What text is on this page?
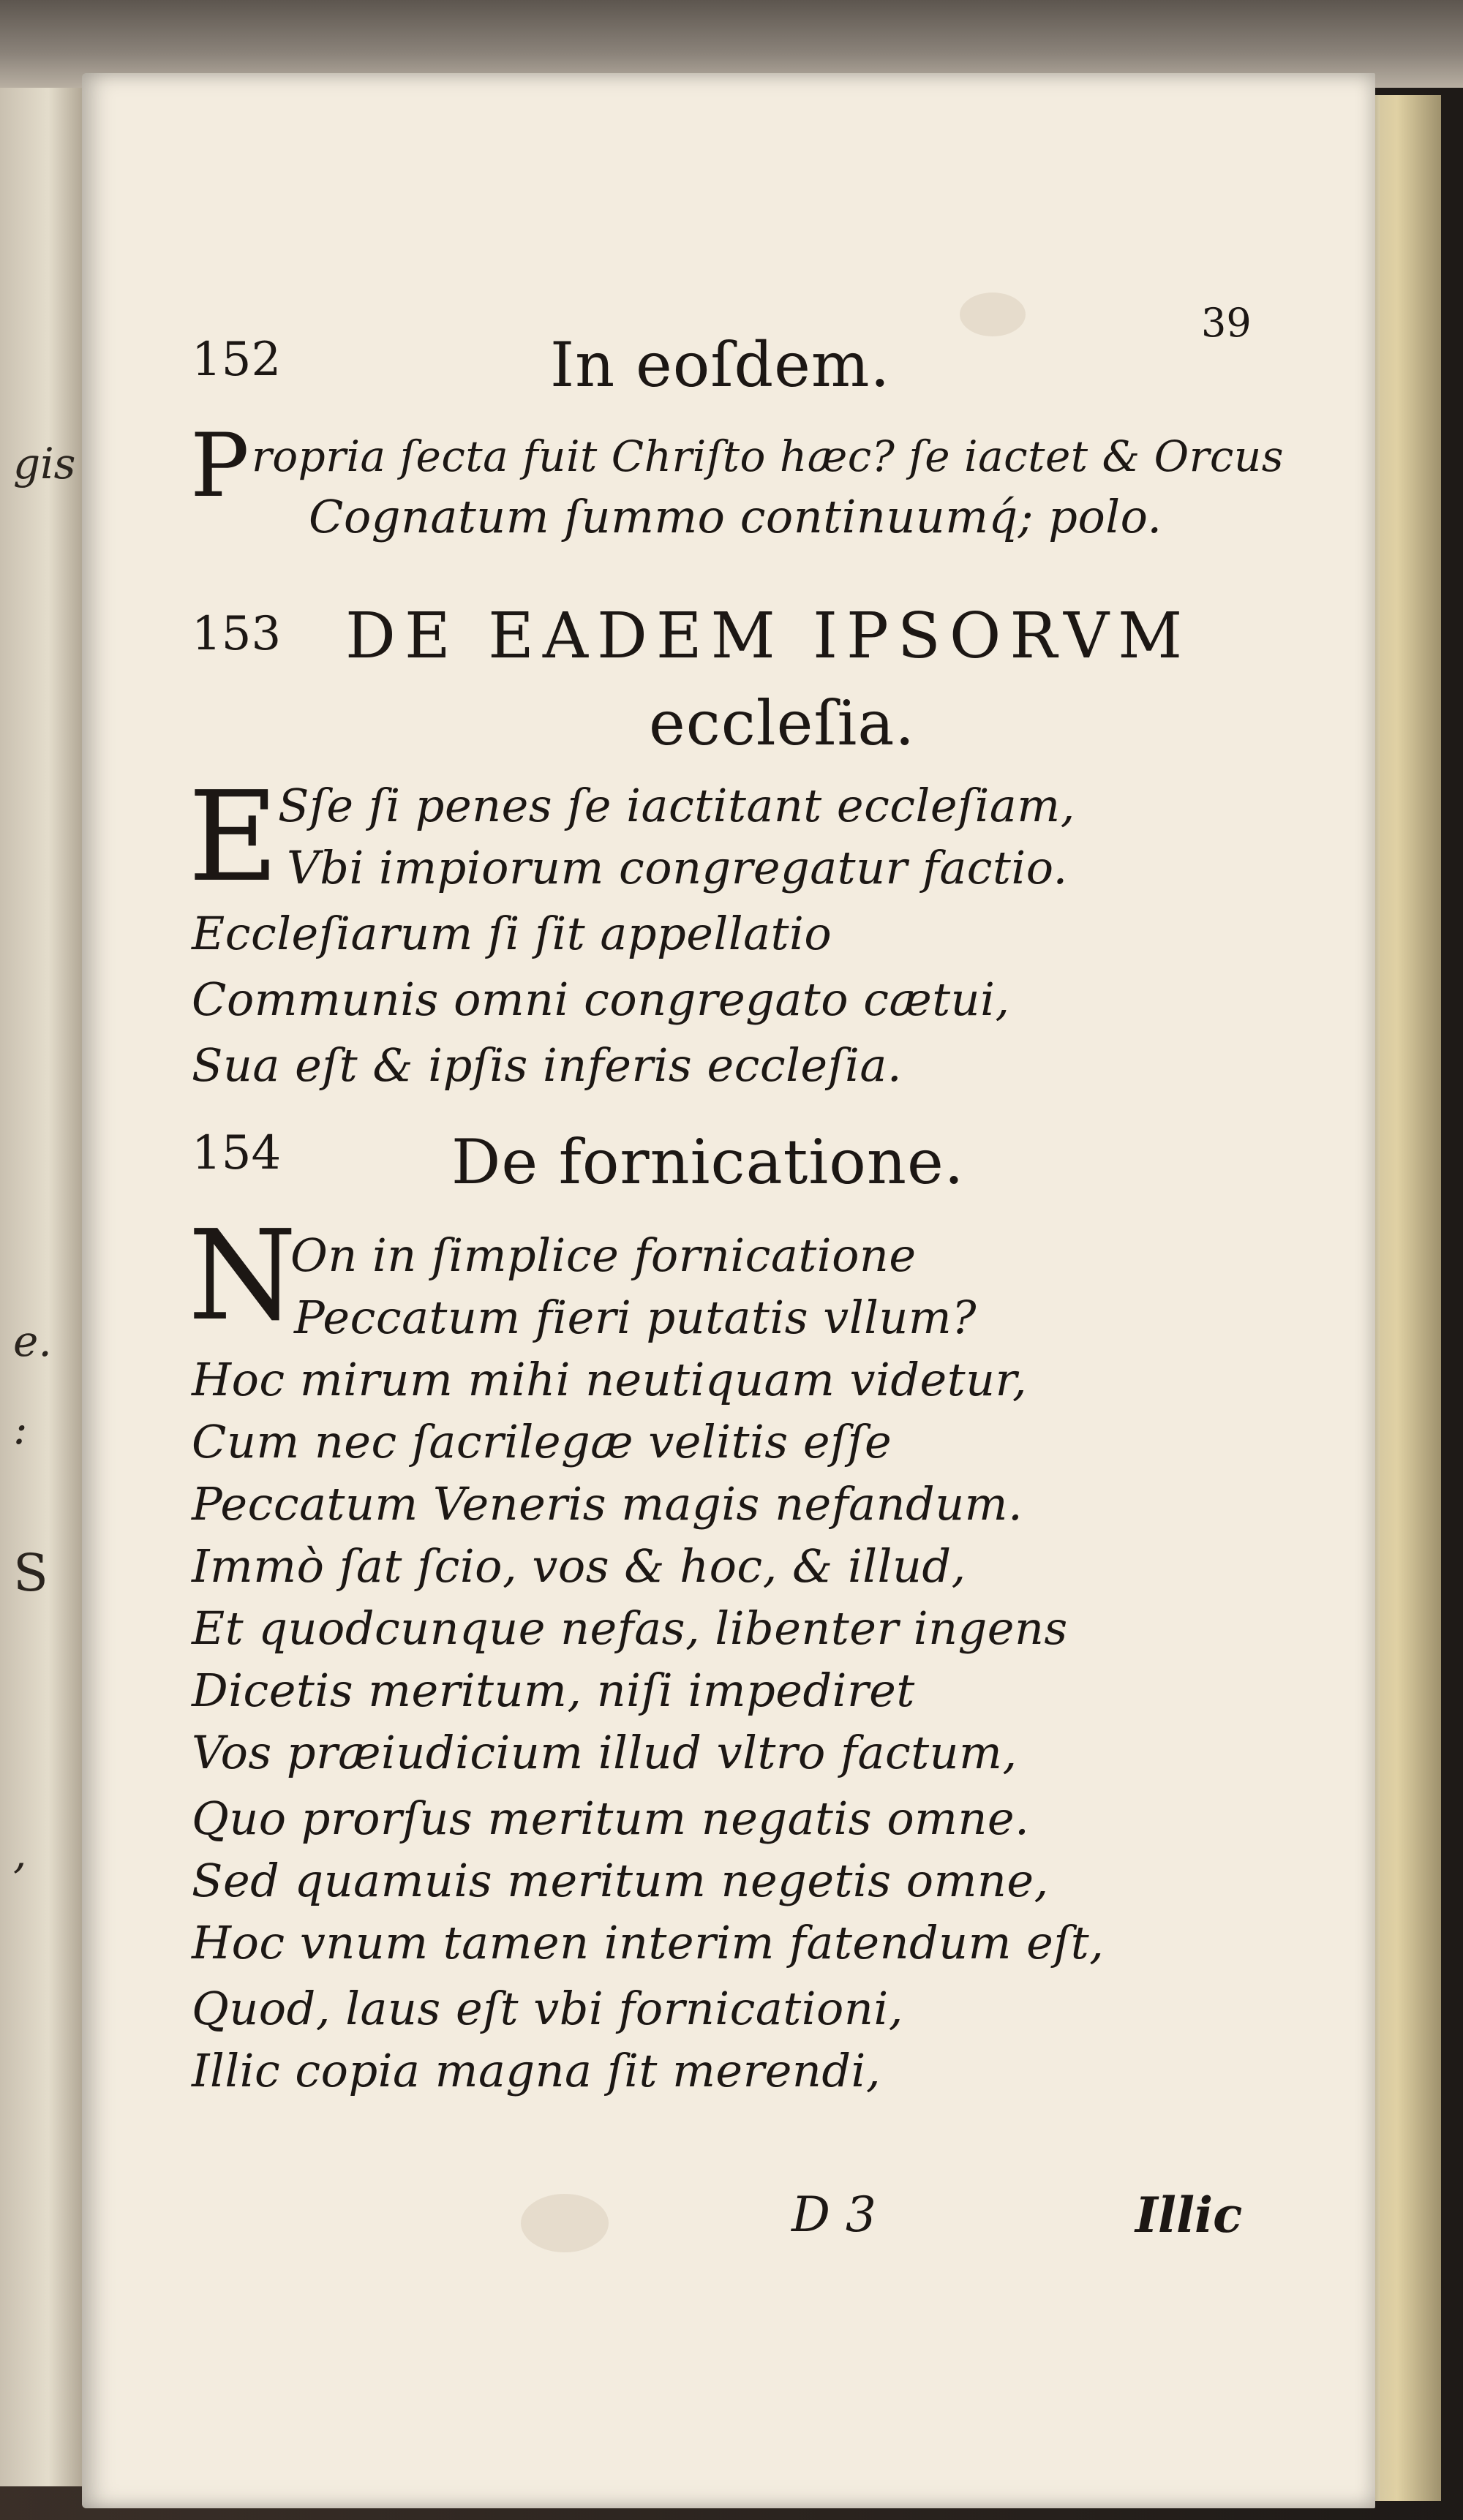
gis
e.
:
S
,
39
152	In eoſdem.
P ropria ſecta fuit Chriſto hæc? ſe iactet & Orcus
Cognatum ſummo continuumq́; polo.
153 DE EADEM IPSORVM
eccleſia.
E
Sſe ſi penes ſe iactitant eccleſiam,
Vbi impiorum congregatur factio.
Eccleſiarum ſi ſit appellatio
Communis omni congregato cætui,
Sua eſt & ipſis inferis eccleſia.
154	De fornicatione.
N
On in ſimplice fornicatione
Peccatum fieri putatis vllum?
Hoc mirum mihi neutiquam videtur,
Cum nec ſacrilegæ velitis eſſe
Peccatum Veneris magis nefandum.
Immò ſat ſcio, vos & hoc, & illud,
Et quodcunque nefas, libenter ingens
Dicetis meritum, niſi impediret
Vos præiudicium illud vltro factum,
Quo prorſus meritum negatis omne.
Sed quamuis meritum negetis omne,
Hoc vnum tamen interim fatendum eſt,
Quod, laus eſt vbi fornicationi,
Illic copia magna ſit merendi,
D 3	Illic
